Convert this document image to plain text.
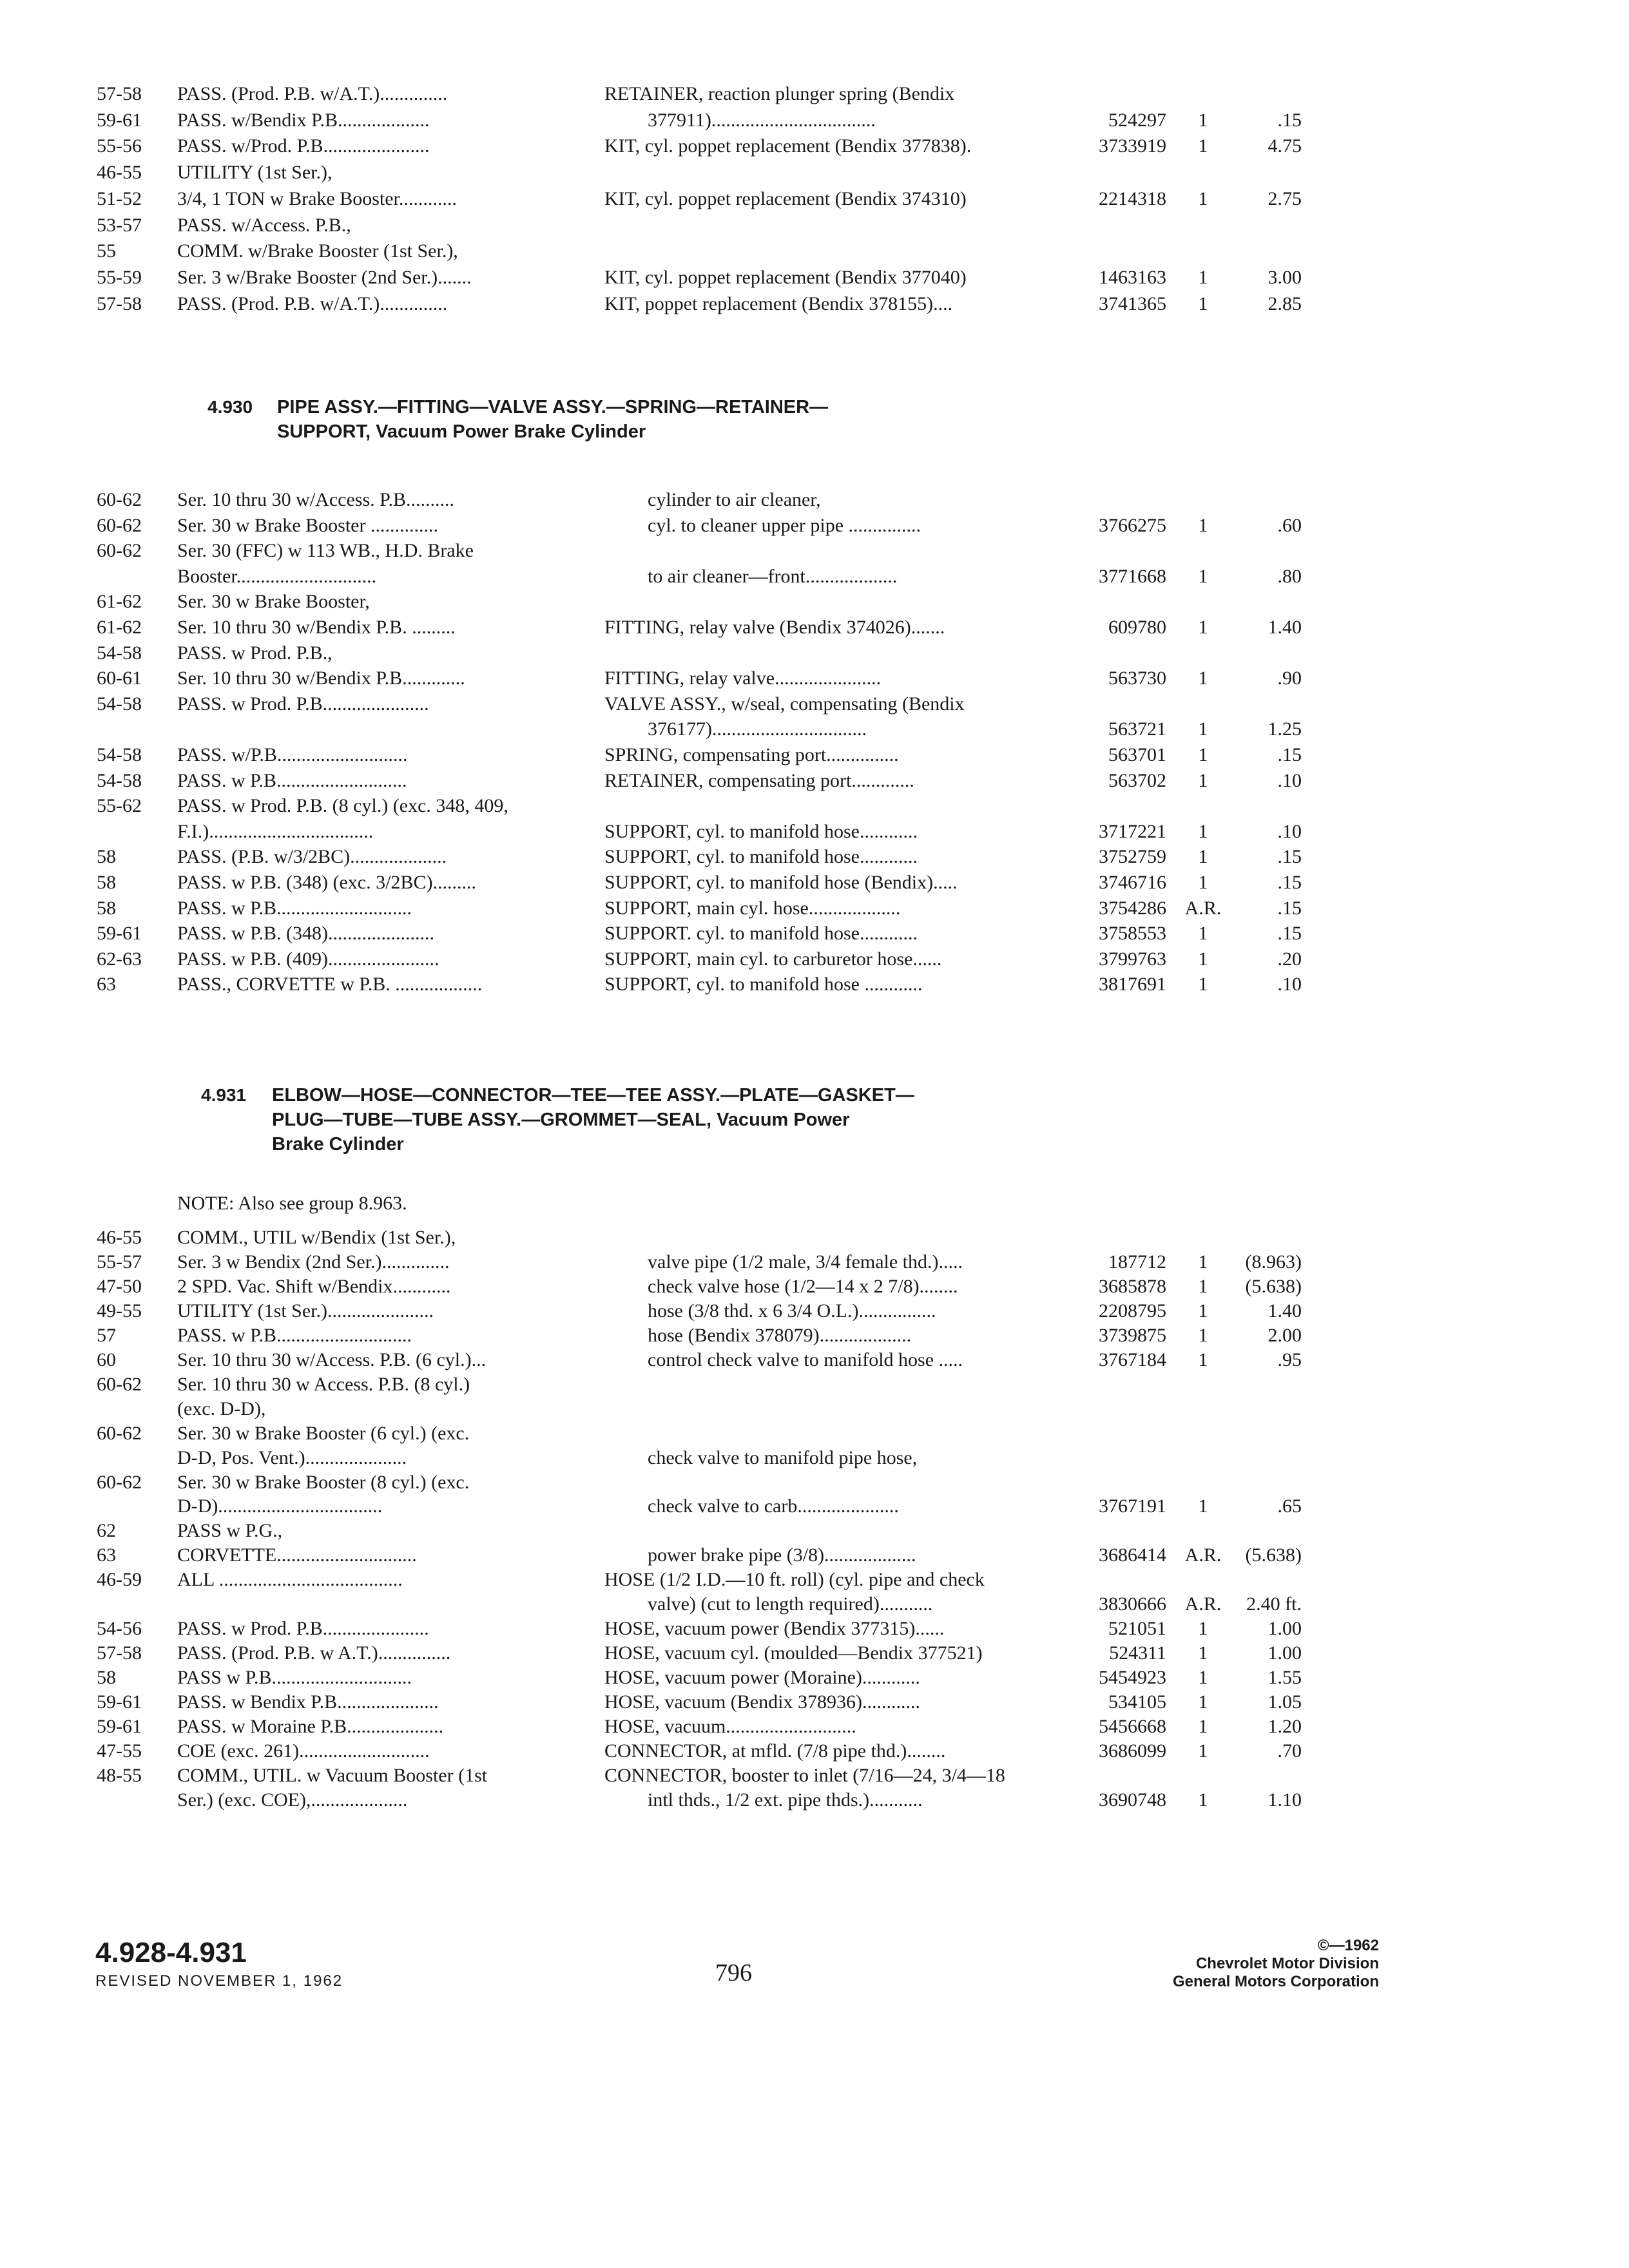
57-58	PASS. (Prod. P.B. w/A.T.)..............	RETAINER, reaction plunger spring (Bendix
59-61	PASS. w/Bendix P.B...................	377911)..................................	524297	1	.15
55-56	PASS. w/Prod. P.B......................	KIT, cyl. poppet replacement (Bendix 377838).	3733919	1	4.75
46-55	UTILITY (1st Ser.),
51-52	3/4, 1 TON w Brake Booster............	KIT, cyl. poppet replacement (Bendix 374310)	2214318	1	2.75
53-57	PASS. w/Access. P.B.,
55	COMM. w/Brake Booster (1st Ser.),
55-59	Ser. 3 w/Brake Booster (2nd Ser.).......	KIT, cyl. poppet replacement (Bendix 377040)	1463163	1	3.00
57-58	PASS. (Prod. P.B. w/A.T.)..............	KIT, poppet replacement (Bendix 378155)....	3741365	1	2.85
4.930 PIPE ASSY.—FITTING—VALVE ASSY.—SPRING—RETAINER—
SUPPORT, Vacuum Power Brake Cylinder
60-62	Ser. 10 thru 30 w/Access. P.B..........	cylinder to air cleaner,
60-62	Ser. 30 w Brake Booster ..............	cyl. to cleaner upper pipe ...............	3766275	1	.60
60-62	Ser. 30 (FFC) w 113 WB., H.D. Brake
Booster.............................	to air cleaner—front...................	3771668	1	.80
61-62	Ser. 30 w Brake Booster,
61-62	Ser. 10 thru 30 w/Bendix P.B. .........	FITTING, relay valve (Bendix 374026).......	609780	1	1.40
54-58	PASS. w Prod. P.B.,
60-61	Ser. 10 thru 30 w/Bendix P.B.............	FITTING, relay valve......................	563730	1	.90
54-58	PASS. w Prod. P.B......................	VALVE ASSY., w/seal, compensating (Bendix
376177)................................	563721	1	1.25
54-58	PASS. w/P.B...........................	SPRING, compensating port...............	563701	1	.15
54-58	PASS. w P.B...........................	RETAINER, compensating port.............	563702	1	.10
55-62	PASS. w Prod. P.B. (8 cyl.) (exc. 348, 409,
F.I.)..................................	SUPPORT, cyl. to manifold hose............	3717221	1	.10
58	PASS. (P.B. w/3/2BC)....................	SUPPORT, cyl. to manifold hose............	3752759	1	.15
58	PASS. w P.B. (348) (exc. 3/2BC).........	SUPPORT, cyl. to manifold hose (Bendix).....	3746716	1	.15
58	PASS. w P.B............................	SUPPORT, main cyl. hose...................	3754286 A.R.	.15
59-61	PASS. w P.B. (348)......................	SUPPORT. cyl. to manifold hose............	3758553	1	.15
62-63	PASS. w P.B. (409).......................	SUPPORT, main cyl. to carburetor hose......	3799763	1	.20
63	PASS., CORVETTE w P.B. ..................	SUPPORT, cyl. to manifold hose ............	3817691	1	.10
4.931 ELBOW—HOSE—CONNECTOR—TEE—TEE ASSY.—PLATE—GASKET—
PLUG—TUBE—TUBE ASSY.—GROMMET—SEAL, Vacuum Power
Brake Cylinder
NOTE: Also see group 8.963.
46-55	COMM., UTIL w/Bendix (1st Ser.),
55-57	Ser. 3 w Bendix (2nd Ser.)..............	valve pipe (1/2 male, 3/4 female thd.).....	187712	1	(8.963)
47-50	2 SPD. Vac. Shift w/Bendix............	check valve hose (1/2—14 x 2 7/8)........	3685878	1	(5.638)
49-55	UTILITY (1st Ser.)......................	hose (3/8 thd. x 6 3/4 O.L.)................	2208795	1	1.40
57	PASS. w P.B............................	hose (Bendix 378079)...................	3739875	1	2.00
60	Ser. 10 thru 30 w/Access. P.B. (6 cyl.)...	control check valve to manifold hose .....	3767184	1	.95
60-62	Ser. 10 thru 30 w Access. P.B. (8 cyl.)
(exc. D-D),
60-62	Ser. 30 w Brake Booster (6 cyl.) (exc.
D-D, Pos. Vent.).....................	check valve to manifold pipe hose,
60-62	Ser. 30 w Brake Booster (8 cyl.) (exc.
D-D)..................................	check valve to carb.....................	3767191	1	.65
62	PASS w P.G.,
63	CORVETTE.............................	power brake pipe (3/8)...................	3686414 A.R.	(5.638)
46-59	ALL ......................................	HOSE (1/2 I.D.—10 ft. roll) (cyl. pipe and check
valve) (cut to length required)...........	3830666 A.R.	2.40 ft.
54-56	PASS. w Prod. P.B......................	HOSE, vacuum power (Bendix 377315)......	521051	1	1.00
57-58	PASS. (Prod. P.B. w A.T.)...............	HOSE, vacuum cyl. (moulded—Bendix 377521)	524311	1	1.00
58	PASS w P.B.............................	HOSE, vacuum power (Moraine)............	5454923	1	1.55
59-61	PASS. w Bendix P.B.....................	HOSE, vacuum (Bendix 378936)............	534105	1	1.05
59-61	PASS. w Moraine P.B....................	HOSE, vacuum...........................	5456668	1	1.20
47-55	COE (exc. 261)...........................	CONNECTOR, at mfld. (7/8 pipe thd.)........	3686099	1	.70
48-55	COMM., UTIL. w Vacuum Booster (1st	CONNECTOR, booster to inlet (7/16—24, 3/4—18
Ser.) (exc. COE),....................	intl thds., 1/2 ext. pipe thds.)...........	3690748	1	1.10
4.928-4.931
REVISED NOVEMBER 1, 1962	796
©—1962
Chevrolet Motor Division
General Motors Corporation
